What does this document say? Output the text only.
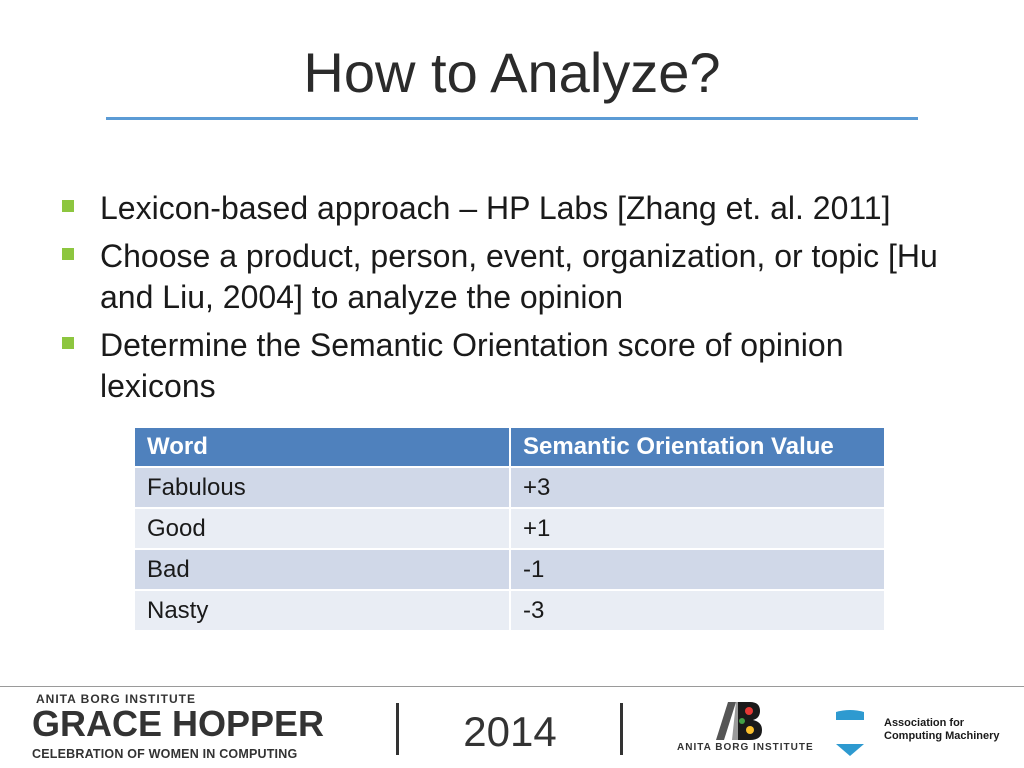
How to Analyze?
Lexicon-based approach – HP Labs [Zhang et. al. 2011]
Choose a product, person, event, organization, or topic [Hu and Liu, 2004] to analyze the opinion
Determine the Semantic Orientation score of opinion lexicons
Word	Semantic Orientation Value
Fabulous	+3
Good	+1
Bad	-1
Nasty	-3
ANITA BORG INSTITUTE
GRACE HOPPER
CELEBRATION OF WOMEN IN COMPUTING	2014	ANITA BORG INSTITUTE
Association for
Computing Machinery
